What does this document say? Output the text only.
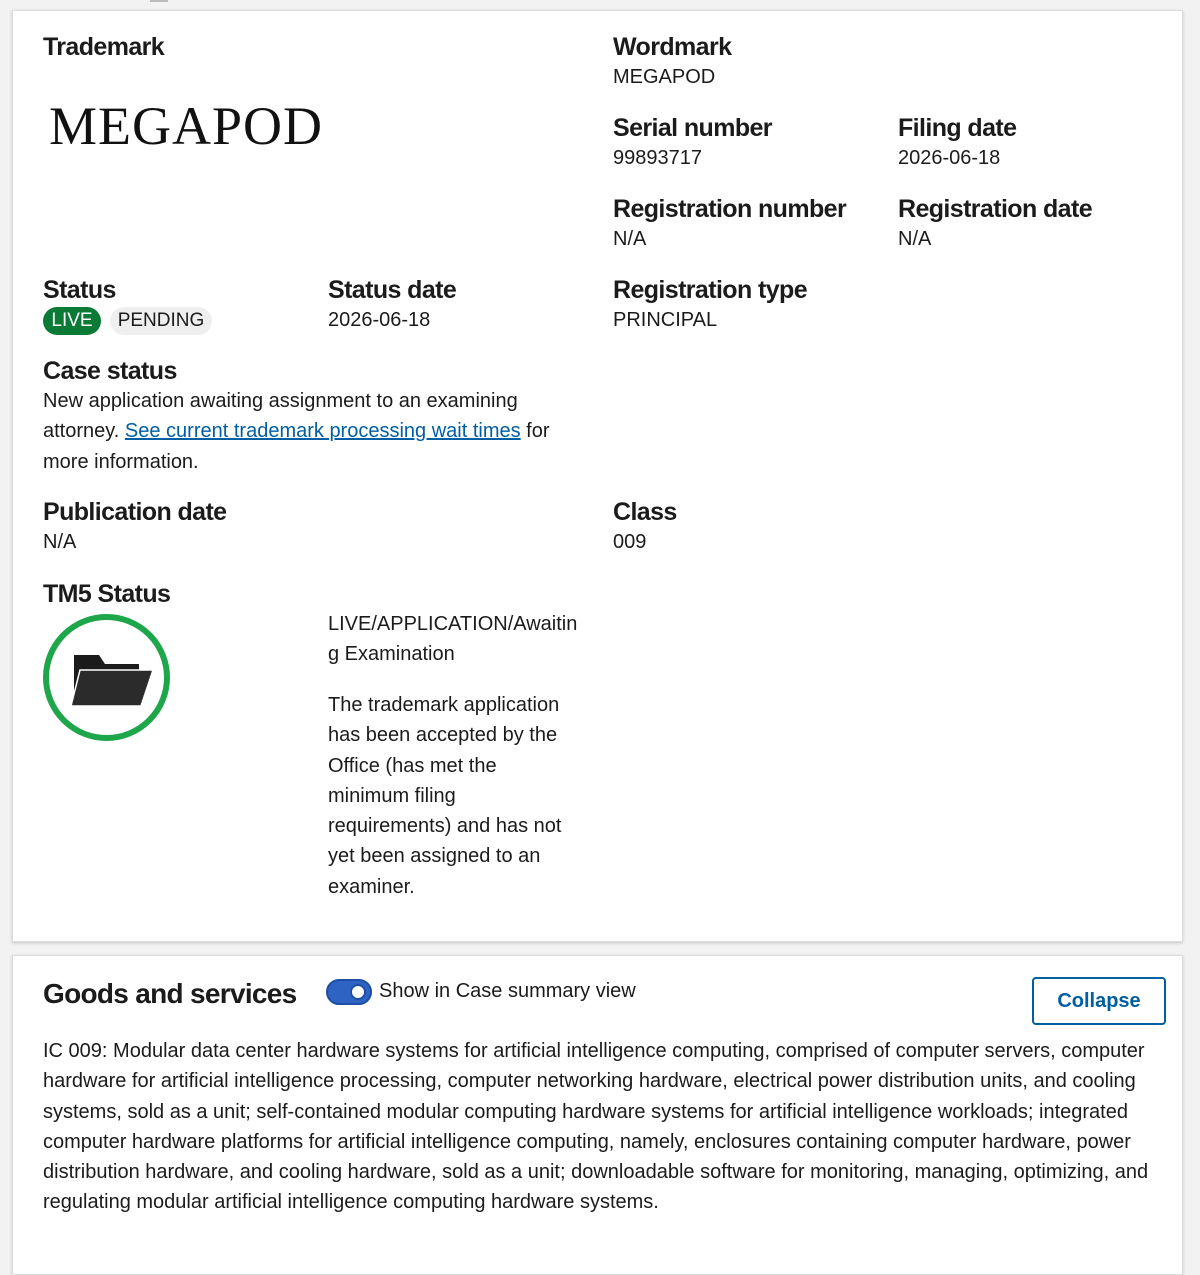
Trademark
MEGAPOD
Wordmark
MEGAPOD
Serial number
99893717
Filing date
2026-06-18
Registration number
N/A
Registration date
N/A
Status
LIVE	PENDING
Status date
2026-06-18
Registration type
PRINCIPAL
Case status
New application awaiting assignment to an examining attorney. See current trademark processing wait times for more information.
Publication date
N/A
Class
009
TM5 Status
LIVE/APPLICATION/Awaiting Examination
The trademark application has been accepted by the Office (has met the minimum filing requirements) and has not yet been assigned to an examiner.
Goods and services	Show in Case summary view	Collapse
IC 009: Modular data center hardware systems for artificial intelligence computing, comprised of computer servers, computer hardware for artificial intelligence processing, computer networking hardware, electrical power distribution units, and cooling systems, sold as a unit; self-contained modular computing hardware systems for artificial intelligence workloads; integrated computer hardware platforms for artificial intelligence computing, namely, enclosures containing computer hardware, power distribution hardware, and cooling hardware, sold as a unit; downloadable software for monitoring, managing, optimizing, and regulating modular artificial intelligence computing hardware systems.
